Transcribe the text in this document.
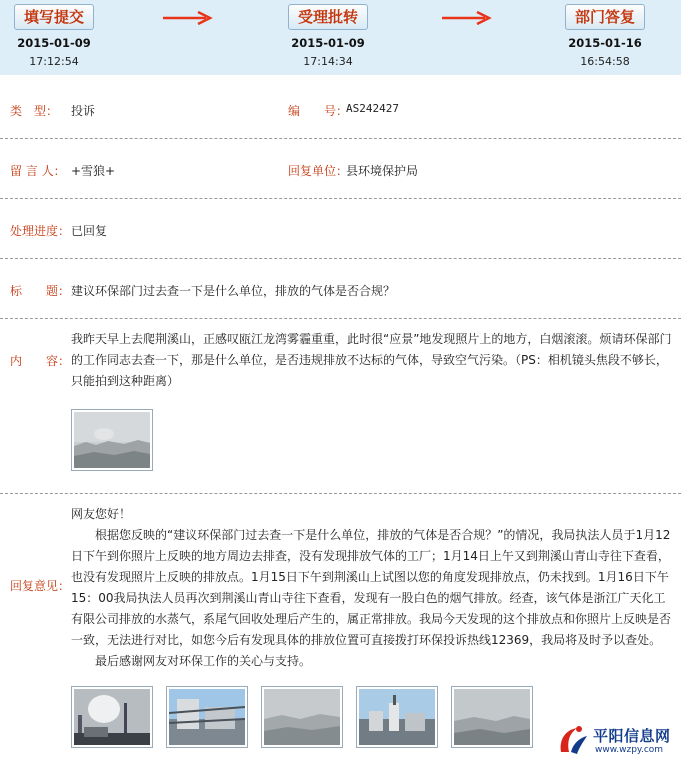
填写提交
2015-01-09
17:12:54
受理批转
2015-01-09
17:14:34
部门答复
2015-01-16
16:54:58
类　型： 投诉	编　　号：
AS242427
留 言 人： +雪狼+	回复单位：
县环境保护局
处理进度： 已回复
标　　题： 建议环保部门过去查一下是什么单位，排放的气体是否合规？
内　　容：
我昨天早上去爬荆溪山，正感叹瓯江龙湾雾霾重重，此时很“应景”地发现照片上的地方，白烟滚滚。烦请环保部门的工作同志去查一下，那是什么单位，是否违规排放不达标的气体，导致空气污染。（PS：相机镜头焦段不够长，只能拍到这种距离）
回复意见：

网友您好！

根据您反映的“建议环保部门过去查一下是什么单位，排放的气体是否合规？”的情况，我局执法人员于1月12日下午到你照片上反映的地方周边去排查，没有发现排放气体的工厂；1月14日上午又到荆溪山青山寺往下查看，也没有发现照片上反映的排放点。1月15日下午到荆溪山上试图以您的角度发现排放点，仍未找到。1月16日下午15：00我局执法人员再次到荆溪山青山寺往下查看，发现有一股白色的烟气排放。经查，该气体是浙江广天化工有限公司排放的水蒸气，系尾气回收处理后产生的，属正常排放。我局今天发现的这个排放点和你照片上反映是否一致，无法进行对比，如您今后有发现具体的排放位置可直接拨打环保投诉热线12369，我局将及时予以查处。

最后感谢网友对环保工作的关心与支持。

平阳信息网
www.wzpy.com
